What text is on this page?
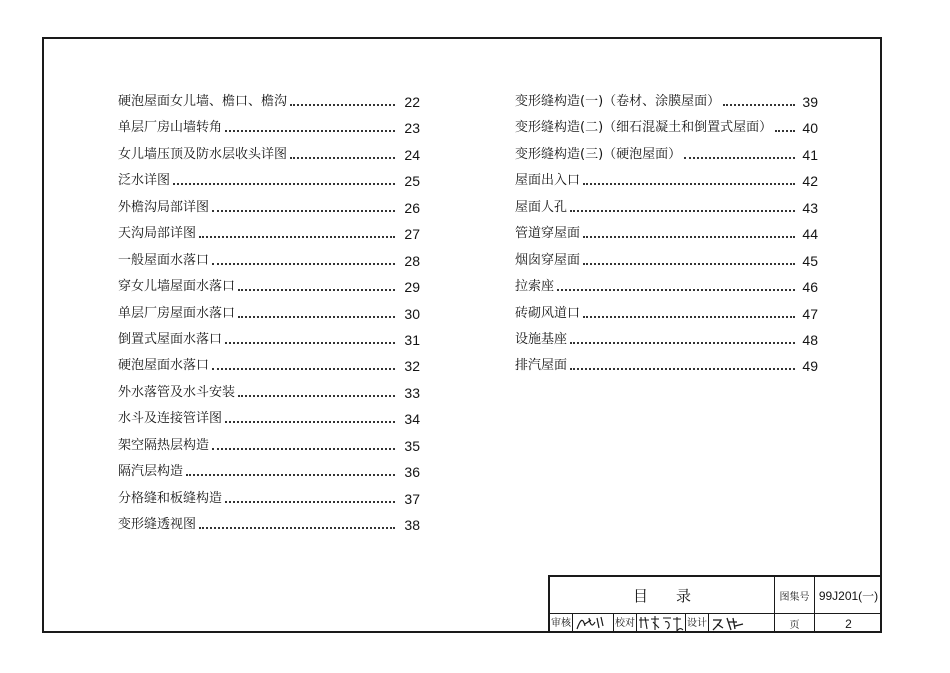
硬泡屋面女儿墙、檐口、檐沟	22
单层厂房山墙转角	23
女儿墙压顶及防水层收头详图	24
泛水详图	25
外檐沟局部详图	26
天沟局部详图	27
一般屋面水落口	28
穿女儿墙屋面水落口	29
单层厂房屋面水落口	30
倒置式屋面水落口	31
硬泡屋面水落口	32
外水落管及水斗安装	33
水斗及连接管详图	34
架空隔热层构造	35
隔汽层构造	36
分格缝和板缝构造	37
变形缝透视图	38
变形缝构造(一)（卷材、涂膜屋面）	39
变形缝构造(二)（细石混凝土和倒置式屋面）	40
变形缝构造(三)（硬泡屋面）	41
屋面出入口	42
屋面人孔	43
管道穿屋面	44
烟囱穿屋面	45
拉索座	46
砖砌风道口	47
设施基座	48
排汽屋面	49
目录	图集号 99J201(一)
审核	校对	设计	页	2
